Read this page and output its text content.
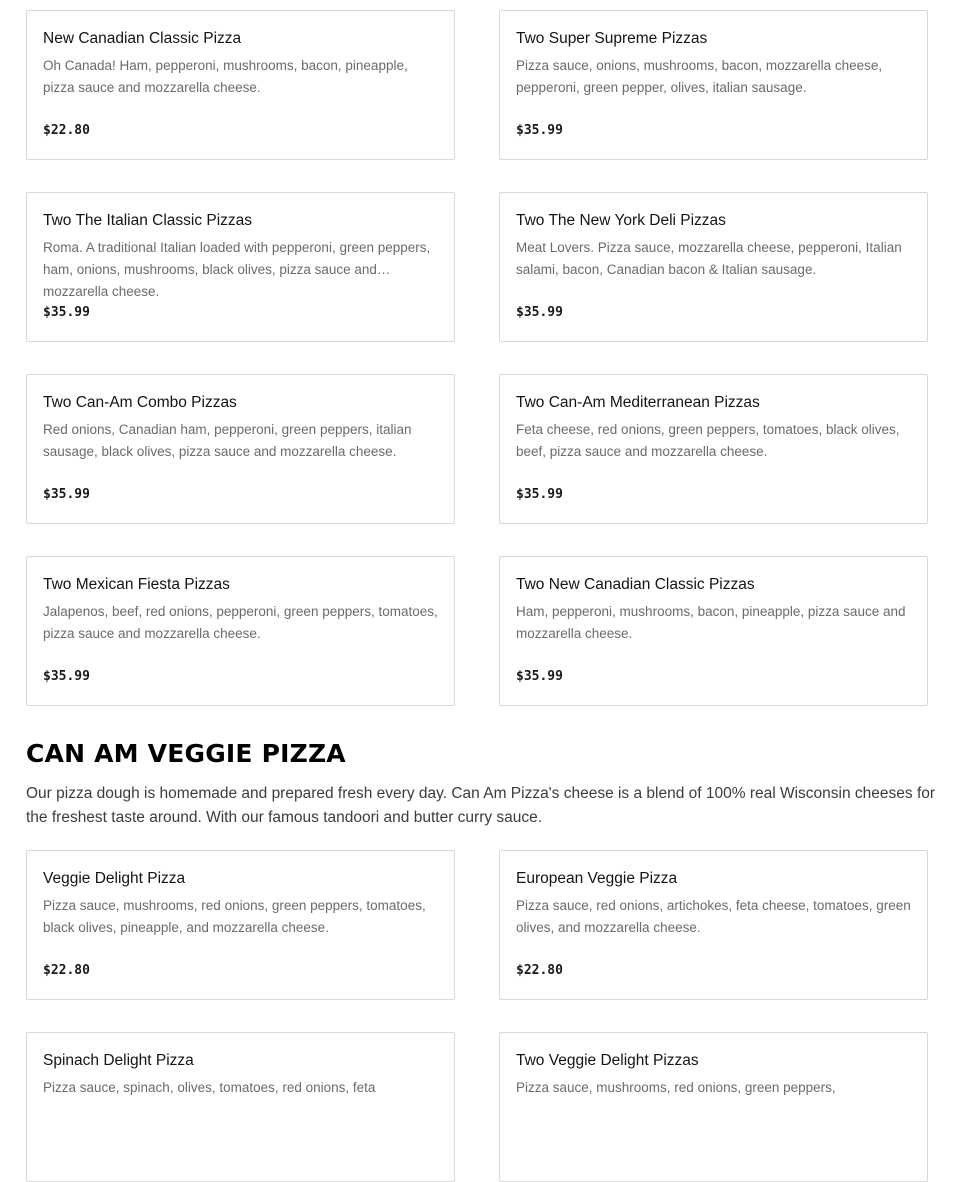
New Canadian Classic Pizza
Oh Canada! Ham, pepperoni, mushrooms, bacon, pineapple, pizza sauce and mozzarella cheese.
$22.80
Two Super Supreme Pizzas
Pizza sauce, onions, mushrooms, bacon, mozzarella cheese, pepperoni, green pepper, olives, italian sausage.
$35.99
Two The Italian Classic Pizzas
Roma. A traditional Italian loaded with pepperoni, green peppers, ham, onions, mushrooms, black olives, pizza sauce and mozzarella cheese.
$35.99
Two The New York Deli Pizzas
Meat Lovers. Pizza sauce, mozzarella cheese, pepperoni, Italian salami, bacon, Canadian bacon & Italian sausage.
$35.99
Two Can-Am Combo Pizzas
Red onions, Canadian ham, pepperoni, green peppers, italian sausage, black olives, pizza sauce and mozzarella cheese.
$35.99
Two Can-Am Mediterranean Pizzas
Feta cheese, red onions, green peppers, tomatoes, black olives, beef, pizza sauce and mozzarella cheese.
$35.99
Two Mexican Fiesta Pizzas
Jalapenos, beef, red onions, pepperoni, green peppers, tomatoes, pizza sauce and mozzarella cheese.
$35.99
Two New Canadian Classic Pizzas
Ham, pepperoni, mushrooms, bacon, pineapple, pizza sauce and mozzarella cheese.
$35.99
CAN AM VEGGIE PIZZA

Our pizza dough is homemade and prepared fresh every day. Can Am Pizza's cheese is a blend of 100% real Wisconsin cheeses for the freshest taste around. With our famous tandoori and butter curry sauce.

Veggie Delight Pizza
Pizza sauce, mushrooms, red onions, green peppers, tomatoes, black olives, pineapple, and mozzarella cheese.
$22.80
European Veggie Pizza
Pizza sauce, red onions, artichokes, feta cheese, tomatoes, green olives, and mozzarella cheese.
$22.80
Spinach Delight Pizza
Pizza sauce, spinach, olives, tomatoes, red onions, feta
Two Veggie Delight Pizzas
Pizza sauce, mushrooms, red onions, green peppers,
